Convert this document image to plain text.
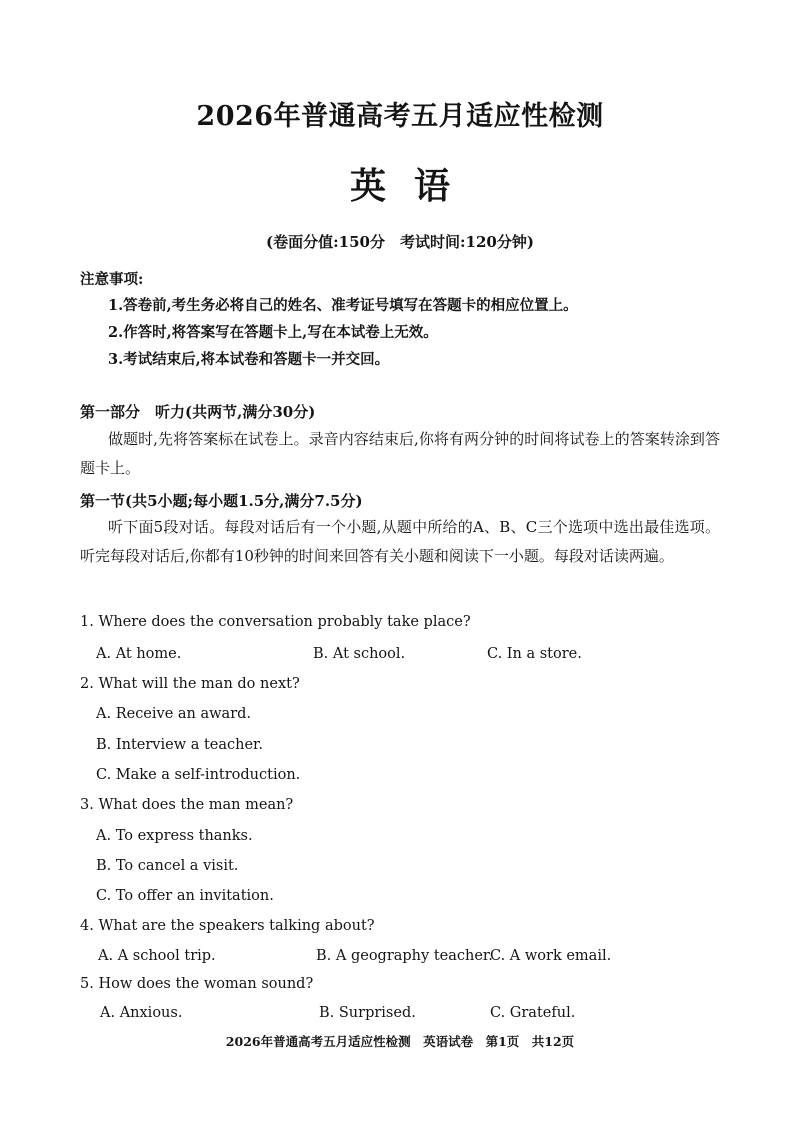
2026年普通高考五月适应性检测
英语
(卷面分值:150分　考试时间:120分钟)
注意事项:
1.答卷前,考生务必将自己的姓名、准考证号填写在答题卡的相应位置上。
2.作答时,将答案写在答题卡上,写在本试卷上无效。
3.考试结束后,将本试卷和答题卡一并交回。
第一部分　听力(共两节,满分30分)
做题时,先将答案标在试卷上。录音内容结束后,你将有两分钟的时间将试卷上的答案转涂到答题卡上。
第一节(共5小题;每小题1.5分,满分7.5分)
听下面5段对话。每段对话后有一个小题,从题中所给的A、B、C三个选项中选出最佳选项。听完每段对话后,你都有10秒钟的时间来回答有关小题和阅读下一小题。每段对话读两遍。
1. Where does the conversation probably take place?
A. At home.	B. At school.	C. In a store.
2. What will the man do next?
A. Receive an award.
B. Interview a teacher.
C. Make a self-introduction.
3. What does the man mean?
A. To express thanks.
B. To cancel a visit.
C. To offer an invitation.
4. What are the speakers talking about?
A. A school trip.	B. A geography teacher.
C. A work email.
5. How does the woman sound?
A. Anxious.	B. Surprised.	C. Grateful.
2026年普通高考五月适应性检测　英语试卷　第1页　共12页
